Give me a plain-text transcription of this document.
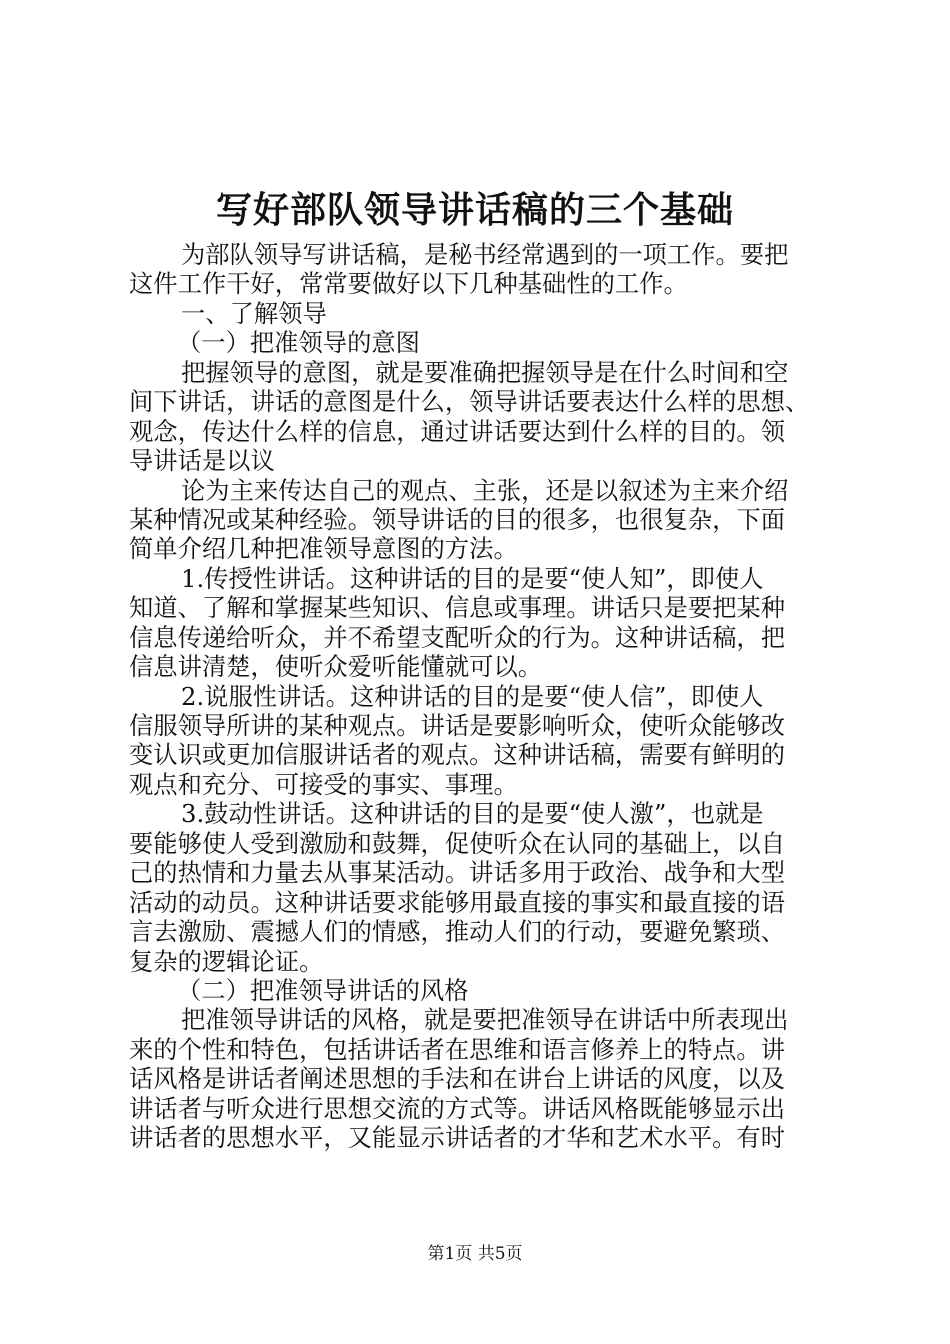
写好部队领导讲话稿的三个基础
为部队领导写讲话稿，是秘书经常遇到的一项工作。要把
这件工作干好，常常要做好以下几种基础性的工作。
一、了解领导
（一）把准领导的意图
把握领导的意图，就是要准确把握领导是在什么时间和空
间下讲话，讲话的意图是什么，领导讲话要表达什么样的思想、
观念，传达什么样的信息，通过讲话要达到什么样的目的。领
导讲话是以议
论为主来传达自己的观点、主张，还是以叙述为主来介绍
某种情况或某种经验。领导讲话的目的很多，也很复杂，下面
简单介绍几种把准领导意图的方法。
1.传授性讲话。这种讲话的目的是要“使人知”，即使人
知道、了解和掌握某些知识、信息或事理。讲话只是要把某种
信息传递给听众，并不希望支配听众的行为。这种讲话稿，把
信息讲清楚，使听众爱听能懂就可以。
2.说服性讲话。这种讲话的目的是要“使人信”，即使人
信服领导所讲的某种观点。讲话是要影响听众，使听众能够改
变认识或更加信服讲话者的观点。这种讲话稿，需要有鲜明的
观点和充分、可接受的事实、事理。
3.鼓动性讲话。这种讲话的目的是要“使人激”，也就是
要能够使人受到激励和鼓舞，促使听众在认同的基础上，以自
己的热情和力量去从事某活动。讲话多用于政治、战争和大型
活动的动员。这种讲话要求能够用最直接的事实和最直接的语
言去激励、震撼人们的情感，推动人们的行动，要避免繁琐、
复杂的逻辑论证。
（二）把准领导讲话的风格
把准领导讲话的风格，就是要把准领导在讲话中所表现出
来的个性和特色，包括讲话者在思维和语言修养上的特点。讲
话风格是讲话者阐述思想的手法和在讲台上讲话的风度，以及
讲话者与听众进行思想交流的方式等。讲话风格既能够显示出
讲话者的思想水平，又能显示讲话者的才华和艺术水平。有时
第1页 共5页
